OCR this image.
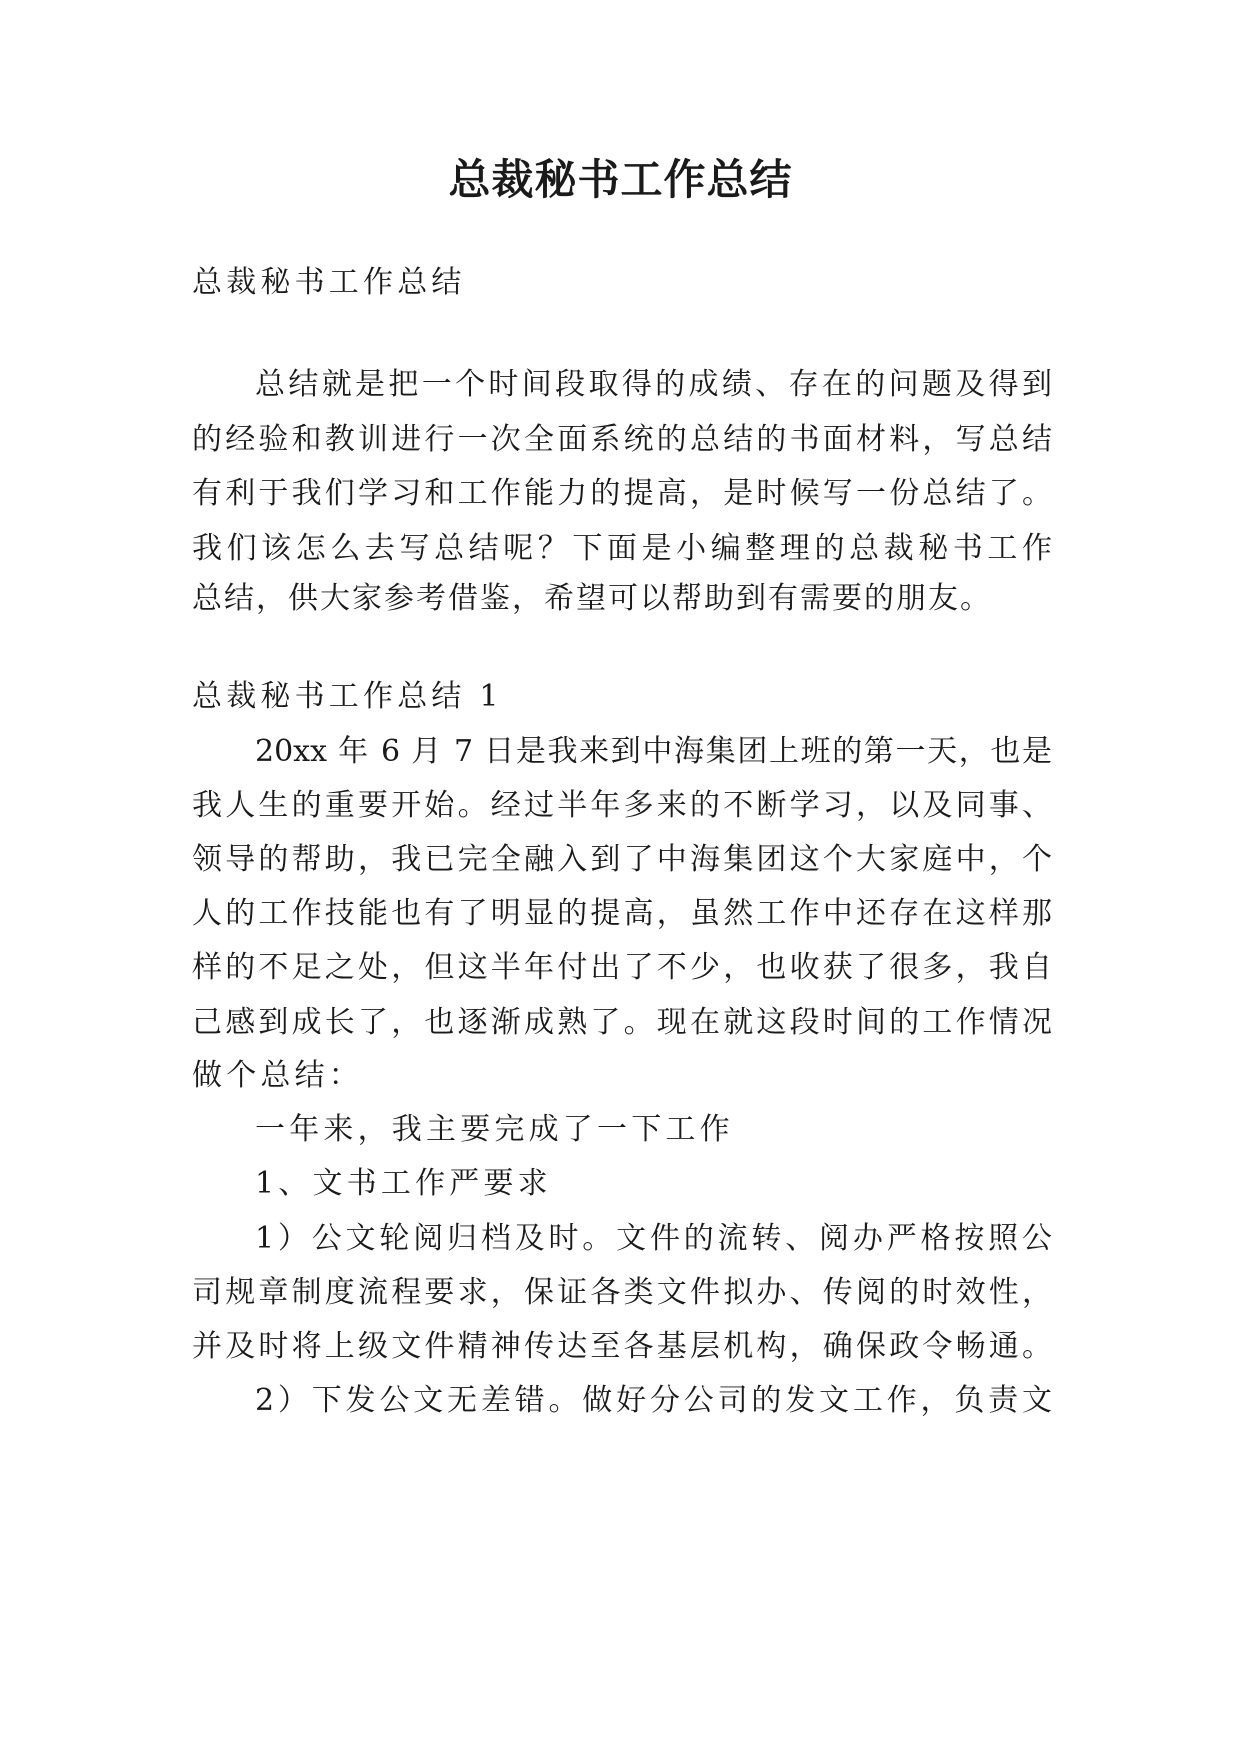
总裁秘书工作总结
总裁秘书工作总结
总结就是把一个时间段取得的成绩、存在的问题及得到
的经验和教训进行一次全面系统的总结的书面材料，写总结
有利于我们学习和工作能力的提高，是时候写一份总结了。
我们该怎么去写总结呢？下面是小编整理的总裁秘书工作
总结，供大家参考借鉴，希望可以帮助到有需要的朋友。
总裁秘书工作总结 1
20xx 年 6 月 7 日是我来到中海集团上班的第一天，也是
我人生的重要开始。经过半年多来的不断学习，以及同事、
领导的帮助，我已完全融入到了中海集团这个大家庭中，个
人的工作技能也有了明显的提高，虽然工作中还存在这样那
样的不足之处，但这半年付出了不少，也收获了很多，我自
己感到成长了，也逐渐成熟了。现在就这段时间的工作情况
做个总结：
一年来，我主要完成了一下工作
1、文书工作严要求
1）公文轮阅归档及时。文件的流转、阅办严格按照公
司规章制度流程要求，保证各类文件拟办、传阅的时效性，
并及时将上级文件精神传达至各基层机构，确保政令畅通。
2）下发公文无差错。做好分公司的发文工作，负责文
